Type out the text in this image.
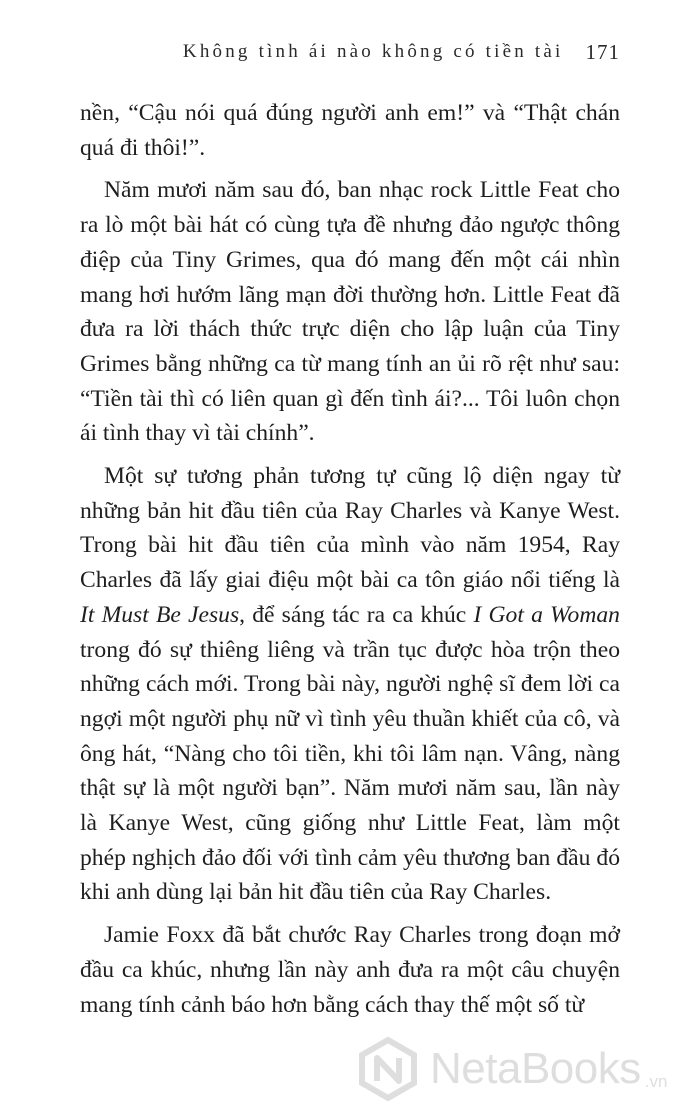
Không tình ái nào không có tiền tài 171

nền, “Cậu nói quá đúng người anh em!” và “Thật chán quá đi thôi!”.

Năm mươi năm sau đó, ban nhạc rock Little Feat cho ra lò một bài hát có cùng tựa đề nhưng đảo ngược thông điệp của Tiny Grimes, qua đó mang đến một cái nhìn mang hơi hướm lãng mạn đời thường hơn. Little Feat đã đưa ra lời thách thức trực diện cho lập luận của Tiny Grimes bằng những ca từ mang tính an ủi rõ rệt như sau: “Tiền tài thì có liên quan gì đến tình ái?... Tôi luôn chọn ái tình thay vì tài chính”.

Một sự tương phản tương tự cũng lộ diện ngay từ những bản hit đầu tiên của Ray Charles và Kanye West. Trong bài hit đầu tiên của mình vào năm 1954, Ray Charles đã lấy giai điệu một bài ca tôn giáo nổi tiếng là It Must Be Jesus, để sáng tác ra ca khúc I Got a Woman trong đó sự thiêng liêng và trần tục được hòa trộn theo những cách mới. Trong bài này, người nghệ sĩ đem lời ca ngợi một người phụ nữ vì tình yêu thuần khiết của cô, và ông hát, “Nàng cho tôi tiền, khi tôi lâm nạn. Vâng, nàng thật sự là một người bạn”. Năm mươi năm sau, lần này là Kanye West, cũng giống như Little Feat, làm một phép nghịch đảo đối với tình cảm yêu thương ban đầu đó khi anh dùng lại bản hit đầu tiên của Ray Charles.

Jamie Foxx đã bắt chước Ray Charles trong đoạn mở đầu ca khúc, nhưng lần này anh đưa ra một câu chuyện mang tính cảnh báo hơn bằng cách thay thế một số từ

NetaBooks .vn
